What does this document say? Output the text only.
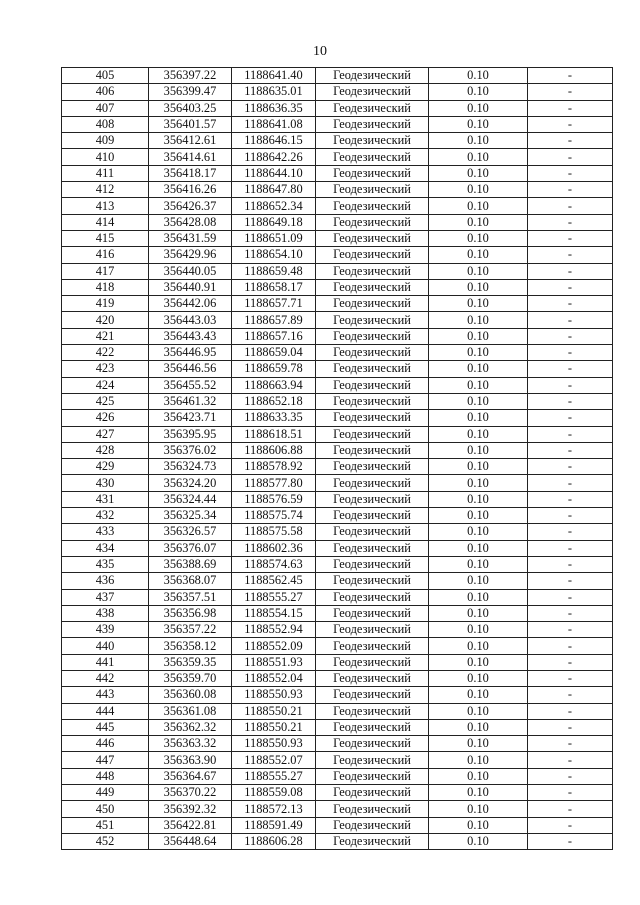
10
405	356397.22	1188641.40	Геодезический	0.10	-
406	356399.47	1188635.01	Геодезический	0.10	-
407	356403.25	1188636.35	Геодезический	0.10	-
408	356401.57	1188641.08	Геодезический	0.10	-
409	356412.61	1188646.15	Геодезический	0.10	-
410	356414.61	1188642.26	Геодезический	0.10	-
411	356418.17	1188644.10	Геодезический	0.10	-
412	356416.26	1188647.80	Геодезический	0.10	-
413	356426.37	1188652.34	Геодезический	0.10	-
414	356428.08	1188649.18	Геодезический	0.10	-
415	356431.59	1188651.09	Геодезический	0.10	-
416	356429.96	1188654.10	Геодезический	0.10	-
417	356440.05	1188659.48	Геодезический	0.10	-
418	356440.91	1188658.17	Геодезический	0.10	-
419	356442.06	1188657.71	Геодезический	0.10	-
420	356443.03	1188657.89	Геодезический	0.10	-
421	356443.43	1188657.16	Геодезический	0.10	-
422	356446.95	1188659.04	Геодезический	0.10	-
423	356446.56	1188659.78	Геодезический	0.10	-
424	356455.52	1188663.94	Геодезический	0.10	-
425	356461.32	1188652.18	Геодезический	0.10	-
426	356423.71	1188633.35	Геодезический	0.10	-
427	356395.95	1188618.51	Геодезический	0.10	-
428	356376.02	1188606.88	Геодезический	0.10	-
429	356324.73	1188578.92	Геодезический	0.10	-
430	356324.20	1188577.80	Геодезический	0.10	-
431	356324.44	1188576.59	Геодезический	0.10	-
432	356325.34	1188575.74	Геодезический	0.10	-
433	356326.57	1188575.58	Геодезический	0.10	-
434	356376.07	1188602.36	Геодезический	0.10	-
435	356388.69	1188574.63	Геодезический	0.10	-
436	356368.07	1188562.45	Геодезический	0.10	-
437	356357.51	1188555.27	Геодезический	0.10	-
438	356356.98	1188554.15	Геодезический	0.10	-
439	356357.22	1188552.94	Геодезический	0.10	-
440	356358.12	1188552.09	Геодезический	0.10	-
441	356359.35	1188551.93	Геодезический	0.10	-
442	356359.70	1188552.04	Геодезический	0.10	-
443	356360.08	1188550.93	Геодезический	0.10	-
444	356361.08	1188550.21	Геодезический	0.10	-
445	356362.32	1188550.21	Геодезический	0.10	-
446	356363.32	1188550.93	Геодезический	0.10	-
447	356363.90	1188552.07	Геодезический	0.10	-
448	356364.67	1188555.27	Геодезический	0.10	-
449	356370.22	1188559.08	Геодезический	0.10	-
450	356392.32	1188572.13	Геодезический	0.10	-
451	356422.81	1188591.49	Геодезический	0.10	-
452	356448.64	1188606.28	Геодезический	0.10	-
